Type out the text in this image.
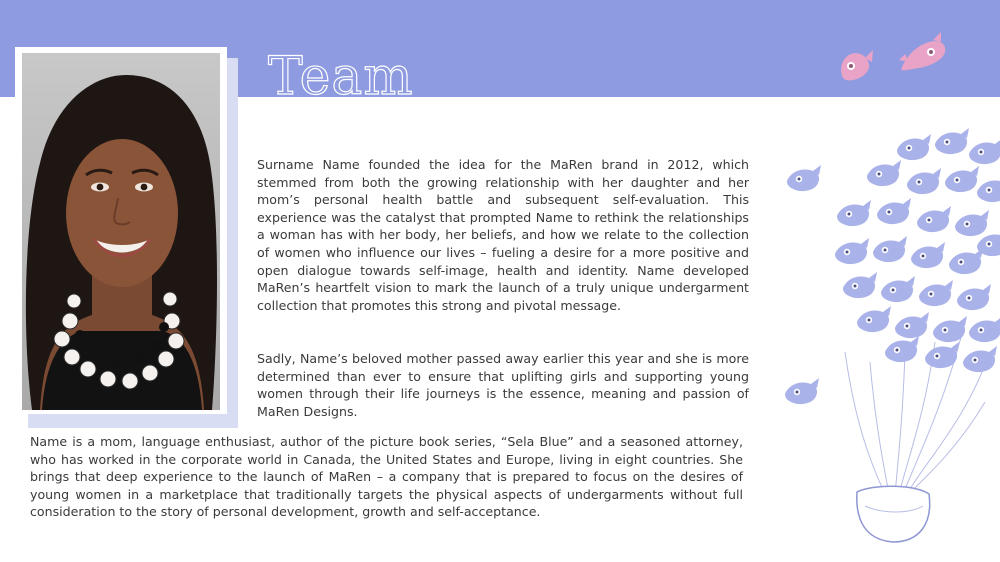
Team

Surname Name founded the idea for the MaRen brand in 2012, which stemmed from both the growing relationship with her daughter and her mom’s personal health battle and subsequent self-evaluation. This experience was the catalyst that prompted Name to rethink the relationships a woman has with her body, her beliefs, and how we relate to the collection of women who influence our lives – fueling a desire for a more positive and open dialogue towards self-image, health and identity. Name developed MaRen’s heartfelt vision to mark the launch of a truly unique undergarment collection that promotes this strong and pivotal message.

Sadly, Name’s beloved mother passed away earlier this year and she is more determined than ever to ensure that uplifting girls and supporting young women through their life journeys is the essence, meaning and passion of MaRen Designs.

Name is a mom, language enthusiast, author of the picture book series, “Sela Blue” and a seasoned attorney, who has worked in the corporate world in Canada, the United States and Europe, living in eight countries. She brings that deep experience to the launch of MaRen – a company that is prepared to focus on the desires of young women in a marketplace that traditionally targets the physical aspects of undergarments without full consideration to the story of personal development, growth and self-acceptance.
